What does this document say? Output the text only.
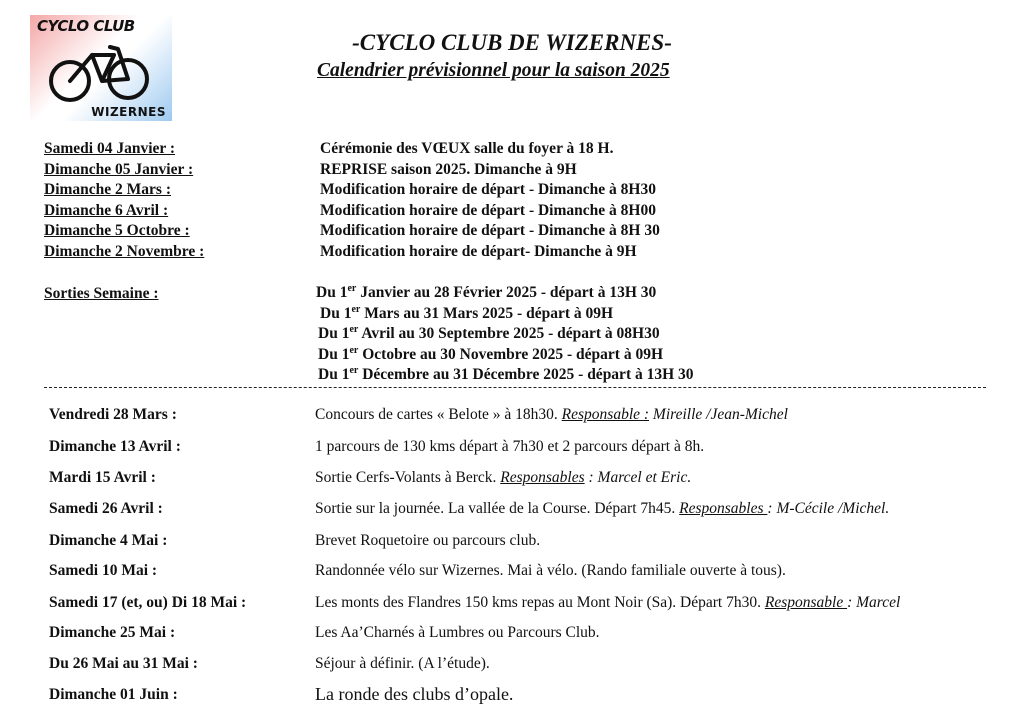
CYCLO CLUB
WIZERNES
-CYCLO CLUB DE WIZERNES-
Calendrier prévisionnel pour la saison 2025
Samedi 04 Janvier :	Cérémonie des VŒUX salle du foyer à 18 H.
Dimanche 05 Janvier :	REPRISE saison 2025. Dimanche à 9H
Dimanche 2 Mars :	Modification horaire de départ - Dimanche à 8H30
Dimanche 6 Avril :	Modification horaire de départ - Dimanche à 8H00
Dimanche 5 Octobre :	Modification horaire de départ - Dimanche à 8H 30
Dimanche 2 Novembre :	Modification horaire de départ- Dimanche à 9H
Sorties Semaine :	Du 1er Janvier au 28 Février 2025 - départ à 13H 30
Du 1er Mars au 31 Mars 2025 - départ à 09H
Du 1er Avril au 30 Septembre 2025 - départ à 08H30
Du 1er Octobre au 30 Novembre 2025 - départ à 09H
Du 1er Décembre au 31 Décembre 2025 - départ à 13H 30
Vendredi 28 Mars :	Concours de cartes « Belote » à 18h30. Responsable : Mireille /Jean-Michel
Dimanche 13 Avril :	1 parcours de 130 kms départ à 7h30 et 2 parcours départ à 8h.
Mardi 15 Avril :	Sortie Cerfs-Volants à Berck. Responsables : Marcel et Eric.
Samedi 26 Avril :	Sortie sur la journée. La vallée de la Course. Départ 7h45. Responsables : M-Cécile /Michel.
Dimanche 4 Mai :	Brevet Roquetoire ou parcours club.
Samedi 10 Mai :	Randonnée vélo sur Wizernes. Mai à vélo. (Rando familiale ouverte à tous).
Samedi 17 (et, ou) Di 18 Mai :	Les monts des Flandres 150 kms repas au Mont Noir (Sa). Départ 7h30. Responsable : Marcel
Dimanche 25 Mai :	Les Aa’Charnés à Lumbres ou Parcours Club.
Du 26 Mai au 31 Mai :	Séjour à définir. (A l’étude).
Dimanche 01 Juin :	La ronde des clubs d’opale.
